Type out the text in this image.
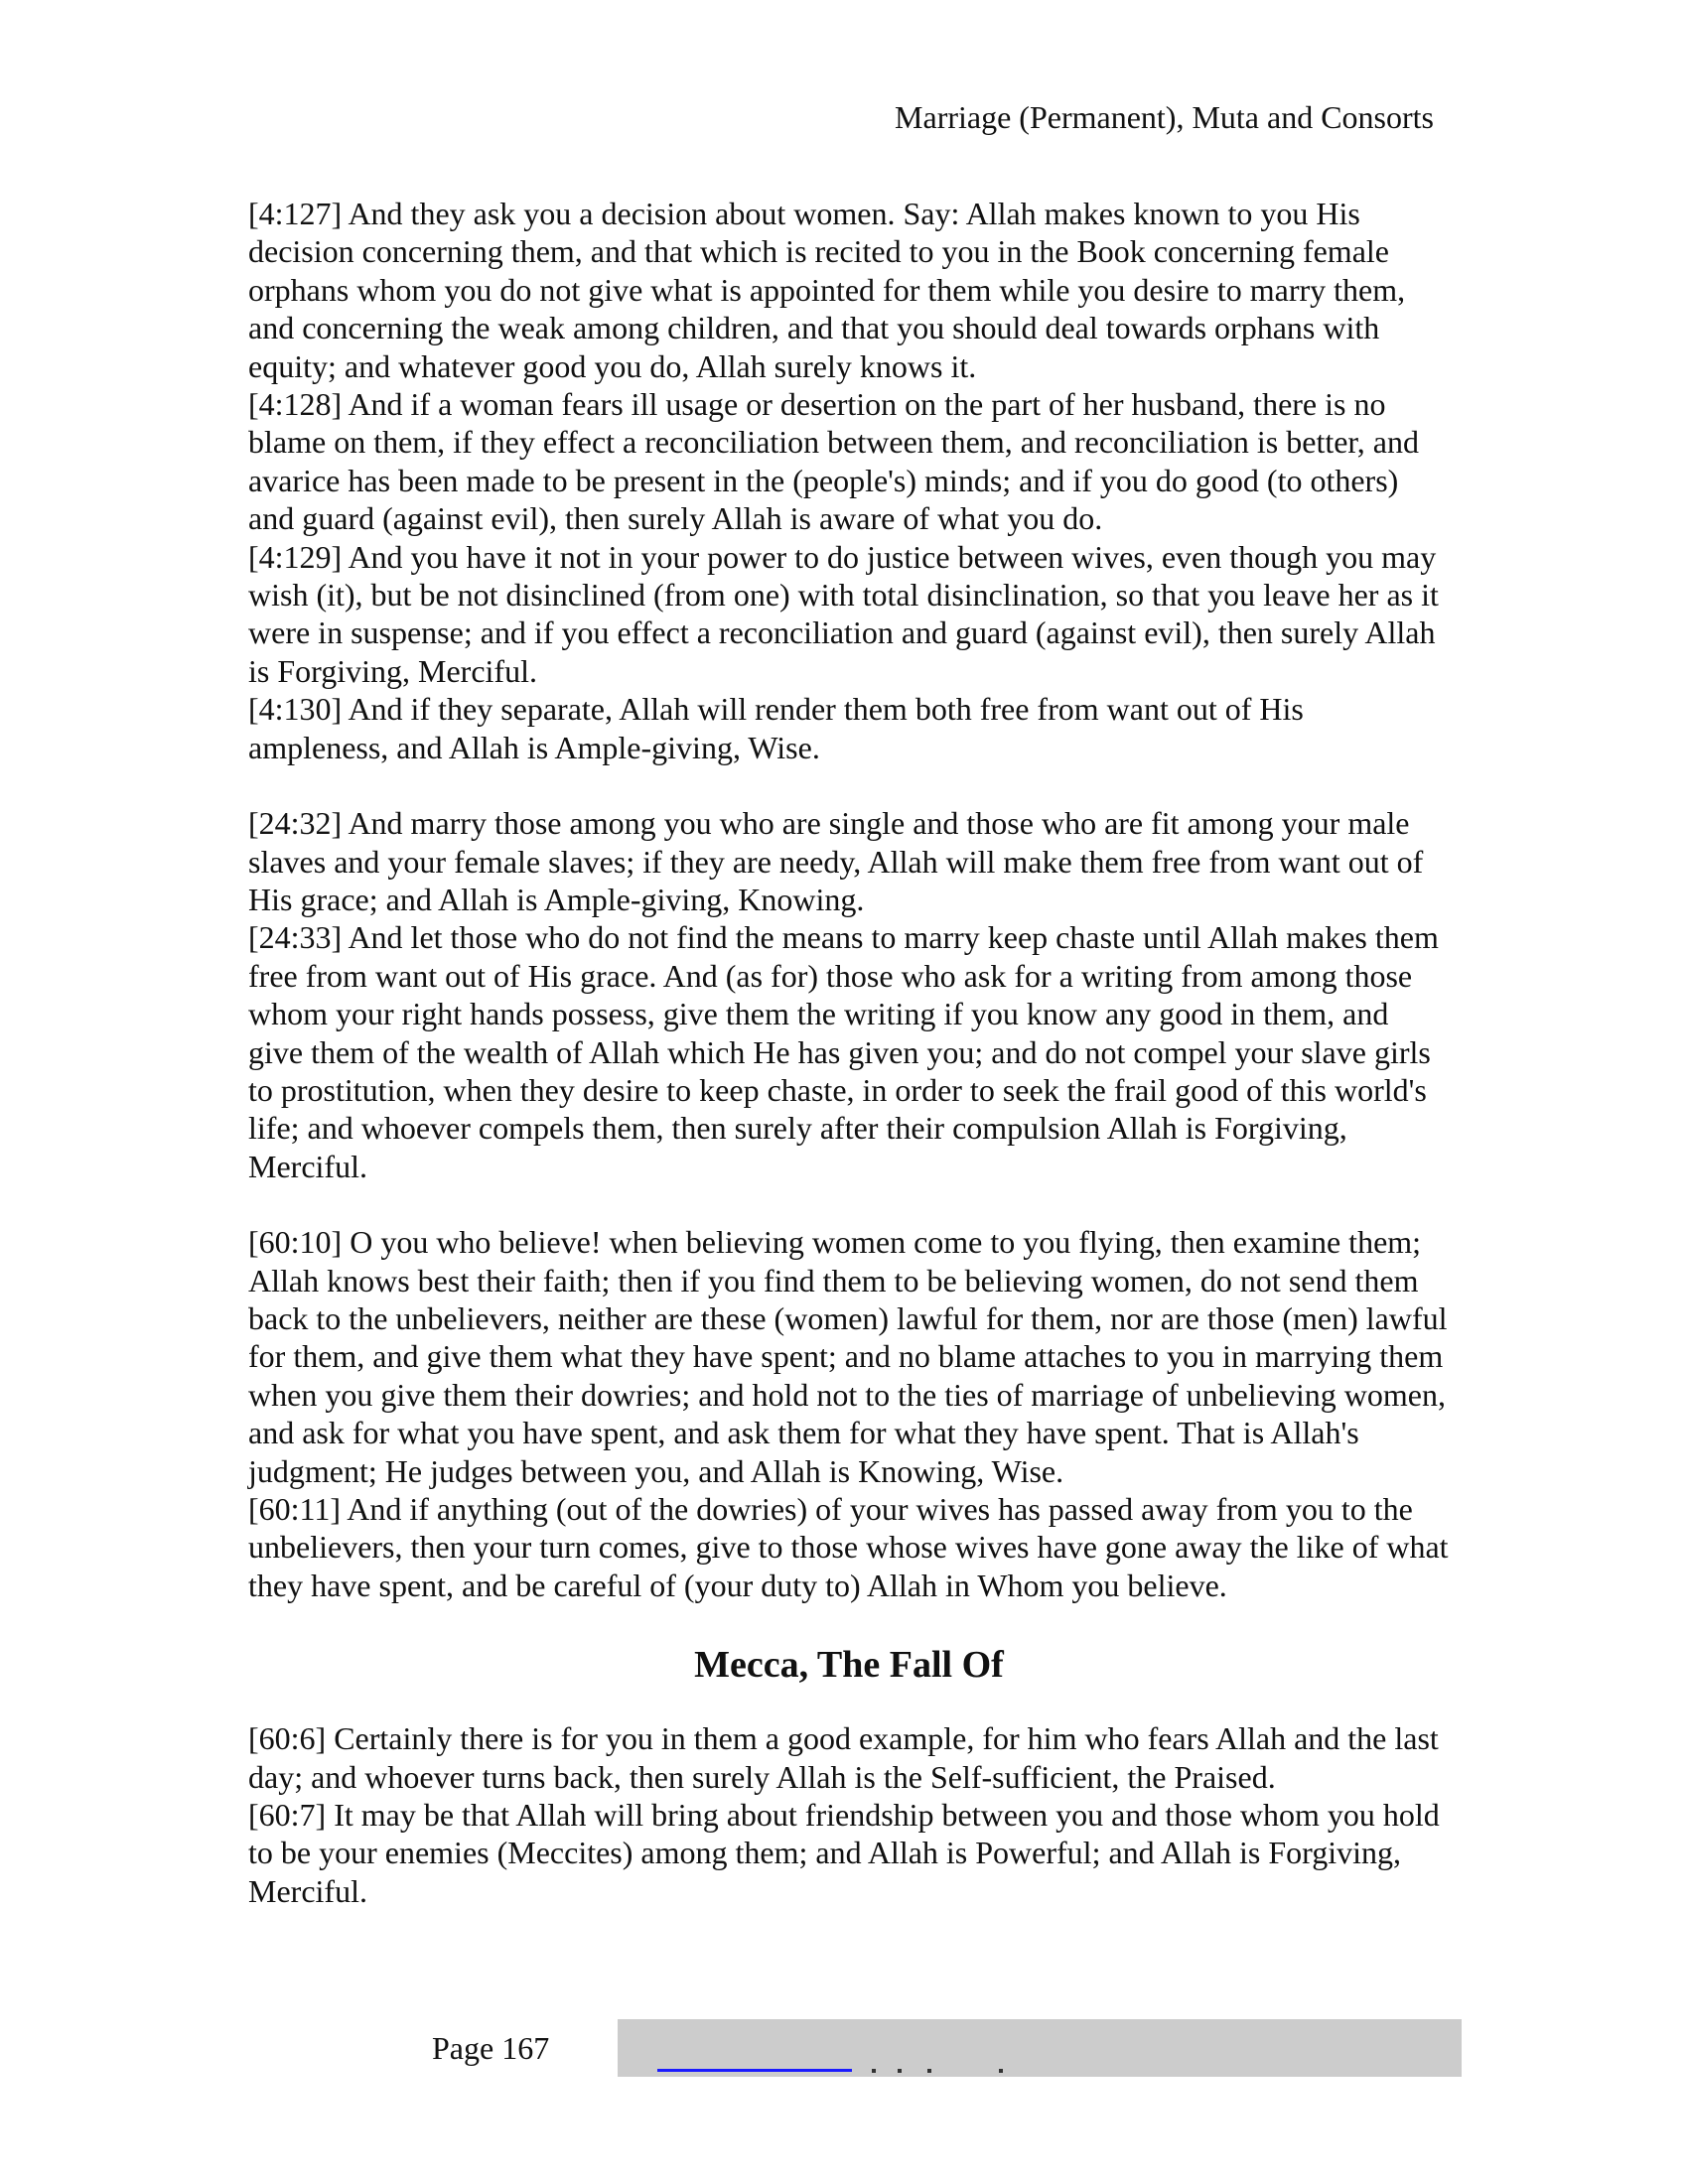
Marriage (Permanent), Muta and Consorts

[4:127] And they ask you a decision about women. Say: Allah makes known to you His decision concerning them, and that which is recited to you in the Book concerning female orphans whom you do not give what is appointed for them while you desire to marry them, and concerning the weak among children, and that you should deal towards orphans with equity; and whatever good you do, Allah surely knows it.

[4:128] And if a woman fears ill usage or desertion on the part of her husband, there is no blame on them, if they effect a reconciliation between them, and reconciliation is better, and avarice has been made to be present in the (people's) minds; and if you do good (to others) and guard (against evil), then surely Allah is aware of what you do.

[4:129] And you have it not in your power to do justice between wives, even though you may wish (it), but be not disinclined (from one) with total disinclination, so that you leave her as it were in suspense; and if you effect a reconciliation and guard (against evil), then surely Allah is Forgiving, Merciful.

[4:130] And if they separate, Allah will render them both free from want out of His ampleness, and Allah is Ample-giving, Wise.

[24:32] And marry those among you who are single and those who are fit among your male slaves and your female slaves; if they are needy, Allah will make them free from want out of His grace; and Allah is Ample-giving, Knowing.

[24:33] And let those who do not find the means to marry keep chaste until Allah makes them free from want out of His grace. And (as for) those who ask for a writing from among those whom your right hands possess, give them the writing if you know any good in them, and give them of the wealth of Allah which He has given you; and do not compel your slave girls to prostitution, when they desire to keep chaste, in order to seek the frail good of this world's life; and whoever compels them, then surely after their compulsion Allah is Forgiving, Merciful.

[60:10] O you who believe! when believing women come to you flying, then examine them; Allah knows best their faith; then if you find them to be believing women, do not send them back to the unbelievers, neither are these (women) lawful for them, nor are those (men) lawful for them, and give them what they have spent; and no blame attaches to you in marrying them when you give them their dowries; and hold not to the ties of marriage of unbelieving women, and ask for what you have spent, and ask them for what they have spent. That is Allah's judgment; He judges between you, and Allah is Knowing, Wise.

[60:11] And if anything (out of the dowries) of your wives has passed away from you to the unbelievers, then your turn comes, give to those whose wives have gone away the like of what they have spent, and be careful of (your duty to) Allah in Whom you believe.

Mecca, The Fall Of

[60:6] Certainly there is for you in them a good example, for him who fears Allah and the last day; and whoever turns back, then surely Allah is the Self-sufficient, the Praised.

[60:7] It may be that Allah will bring about friendship between you and those whom you hold to be your enemies (Meccites) among them; and Allah is Powerful; and Allah is Forgiving, Merciful.

Page 167
